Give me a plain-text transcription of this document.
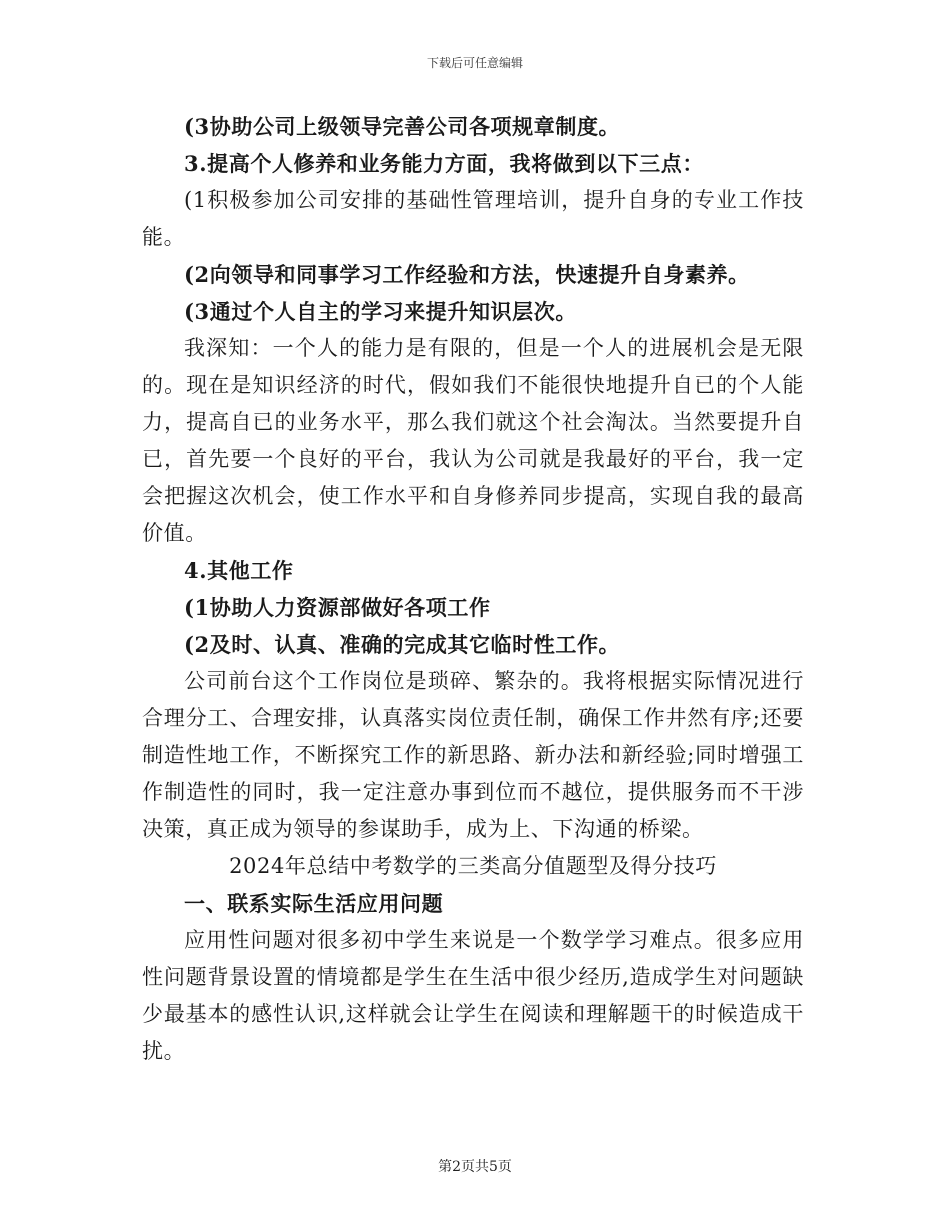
下载后可任意编辑

(3协助公司上级领导完善公司各项规章制度。

3.提高个人修养和业务能力方面，我将做到以下三点：

(1积极参加公司安排的基础性管理培训，提升自身的专业工作技能。

(2向领导和同事学习工作经验和方法，快速提升自身素养。

(3通过个人自主的学习来提升知识层次。

我深知：一个人的能力是有限的，但是一个人的进展机会是无限的。现在是知识经济的时代，假如我们不能很快地提升自已的个人能力，提高自已的业务水平，那么我们就这个社会淘汰。当然要提升自已，首先要一个良好的平台，我认为公司就是我最好的平台，我一定会把握这次机会，使工作水平和自身修养同步提高，实现自我的最高价值。

4.其他工作

(1协助人力资源部做好各项工作

(2及时、认真、准确的完成其它临时性工作。

公司前台这个工作岗位是琐碎、繁杂的。我将根据实际情况进行合理分工、合理安排，认真落实岗位责任制，确保工作井然有序;还要制造性地工作，不断探究工作的新思路、新办法和新经验;同时增强工作制造性的同时，我一定注意办事到位而不越位，提供服务而不干涉决策，真正成为领导的参谋助手，成为上、下沟通的桥梁。

2024年总结中考数学的三类高分值题型及得分技巧

一、联系实际生活应用问题

应用性问题对很多初中学生来说是一个数学学习难点。很多应用性问题背景设置的情境都是学生在生活中很少经历,造成学生对问题缺少最基本的感性认识,这样就会让学生在阅读和理解题干的时候造成干扰。

第2页共5页
